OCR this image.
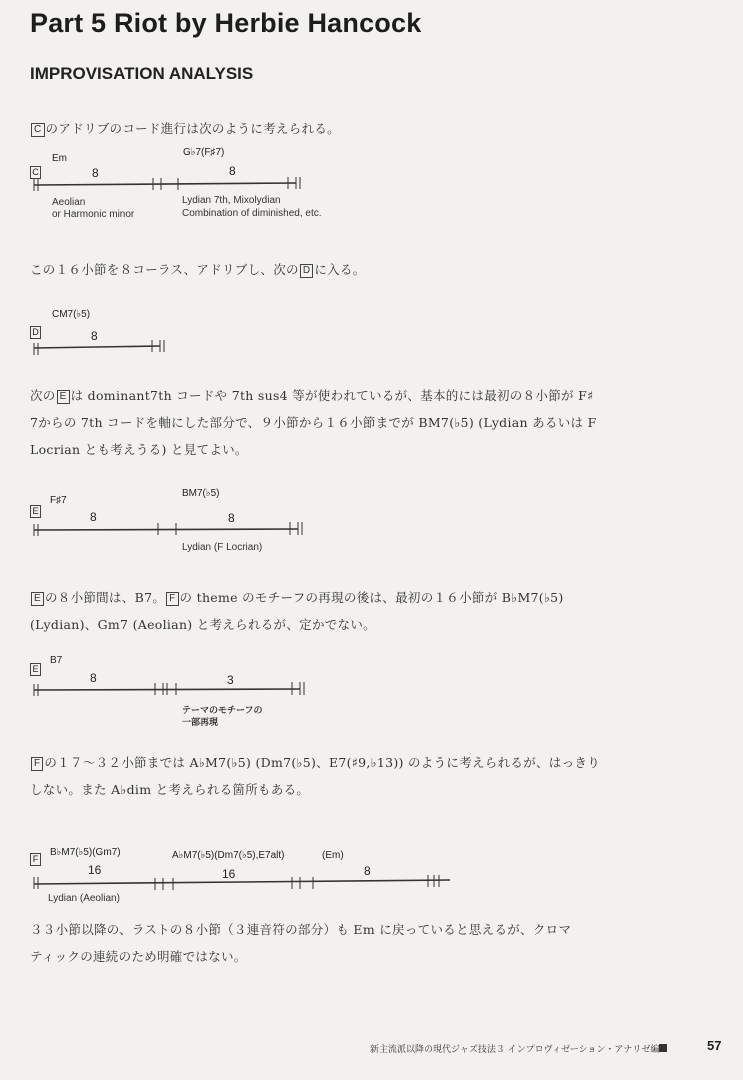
Part 5 Riot by Herbie Hancock
IMPROVISATION ANALYSIS
C のアドリブのコード進行は次のように考えられる。
C
Em
8
G♭7(F♯7)
8
Aeolian
or Harmonic minor
Lydian 7th, Mixolydian
Combination of diminished, etc.
この１６小節を８コーラス、アドリブし、次の D に入る。
D
CM7(♭5)
8
次の E は dominant7th コードや 7th sus4 等が使われているが、基本的には最初の８小節が F♯
7からの 7th コードを軸にした部分で、９小節から１６小節までが BM7(♭5) (Lydian あるいは F
Locrian とも考えうる) と見てよい。
E
F♯7
8
BM7(♭5)
8
Lydian (F Locrian)
E の８小節間は、B7。 F の theme のモチーフの再現の後は、最初の１６小節が B♭M7(♭5)
(Lydian)、Gm7 (Aeolian) と考えられるが、定かでない。
E
B7
8	3
テーマのモチーフの
一部再現
F の１７～３２小節までは A♭M7(♭5) (Dm7(♭5)、E7(♯9,♭13)) のように考えられるが、はっきり
しない。また A♭dim と考えられる箇所もある。
F
B♭M7(♭5)(Gm7)
16
A♭M7(♭5)(Dm7(♭5),E7alt)
16
(Em)
8
Lydian (Aeolian)
３３小節以降の、ラストの８小節（３連音符の部分）も Em に戻っていると思えるが、クロマ
ティックの連続のため明確ではない。
新主流派以降の現代ジャズ技法３ インプロヴィゼーション・アナリゼ編	57
